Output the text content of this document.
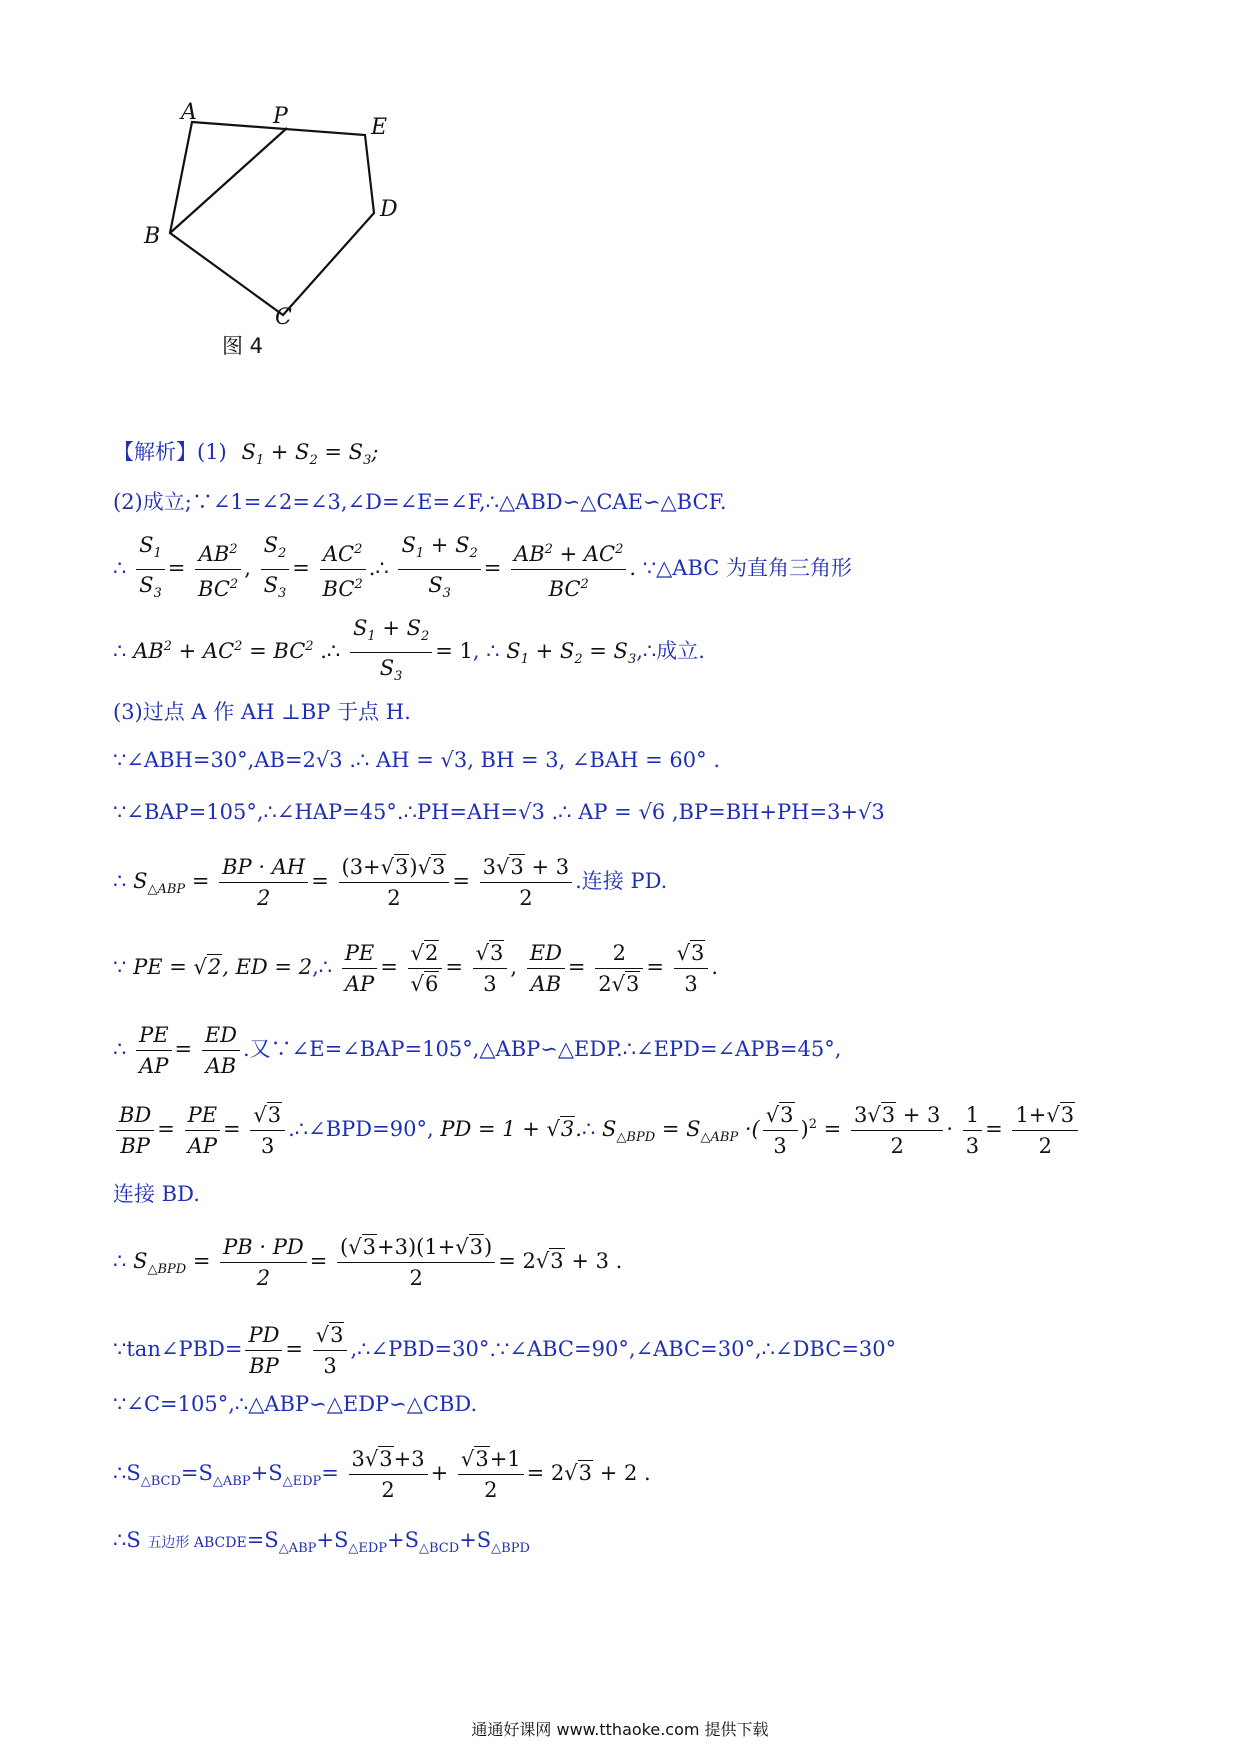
A	P	E
D
B
C
图 4
【解析】(1) $S_1 + S_2 = S_3$;
(2)成立;∵∠1=∠2=∠3,∠D=∠E=∠F,∴△ABD∽△CAE∽△BCF.
∴ $\frac{S_1}{S_3} = \frac{AB^2}{BC^2}$ , $\frac{S_2}{S_3} = \frac{AC^2}{BC^2}$ .∴ $\frac{S_1 + S_2}{S_3} = \frac{AB^2 + AC^2}{BC^2}$ . ∵△ABC 为直角三角形
∴ $AB^2 + AC^2 = BC^2$ .∴ $\frac{S_1 + S_2}{S_3} = 1$, ∴ $S_1 + S_2$ = $S_3,\therefore$成立.
(3)过点 A 作 AH ⊥BP 于点 H.
∵∠ABH=30°,AB=2√3 .∴ AH = √3, BH = 3, ∠BAH = 60° .
∵∠BAP=105°,∴∠HAP=45°.∴PH=AH=√3 .∴ AP = √6 ,BP=BH+PH=3+√3
∴ $S_{\triangle ABP} = \frac{BP \cdot AH}{2} = \frac{(3+√3)√3}{2} = \frac{3√3 + 3}{2}$ .连接 PD.
∵ PE = √2, ED = 2,∴ $\frac{PE}{AP} = \frac{√2}{√6} = \frac{√3}{3}$ , $\frac{ED}{AB} = \frac{2}{2√3} = \frac{√3}{3}$ .
∴ $\frac{PE}{AP} = \frac{ED}{AB}$ .又∵∠E=∠BAP=105°,△ABP∽△EDP.∴∠EPD=∠APB=45°,
$\frac{BD}{BP} = \frac{PE}{AP} = \frac{√3}{3}$ .∴∠BPD=90°, PD = 1 + √3.∴ $S_{\triangle BPD} = S_{\triangle ABP}$ ·( $\frac{√3}{3} )^2 = \frac{3√3 + 3}{2} \cdot \frac{1}{3} = \frac{1+√3}{2}$
连接 BD.
∴ $S_{\triangle BPD} = \frac{PB \cdot PD}{2} = \frac{(√3+3)(1+√3)}{2} = 2√3 + 3$ .
∵tan∠PBD= $\frac{PD}{BP} = \frac{√3}{3}$ ,∴∠PBD=30°.∵∠ABC=90°,∠ABC=30°,∴∠DBC=30°
∵∠C=105°,∴△ABP∽△EDP∽△CBD.
$\therefore S_{\triangle BCD}=S_{\triangle ABP}+S_{\triangle EDP}= \frac{3√3+3}{2} + \frac{√3+1}{2} = 2√3 + 2$ .
∴S 五边形 $ABCDE=S_{\triangle ABP}+S_{\triangle EDP}+S_{\triangle BCD}+S_{\triangle BPD}$
通通好课网 www.tthaoke.com 提供下载
